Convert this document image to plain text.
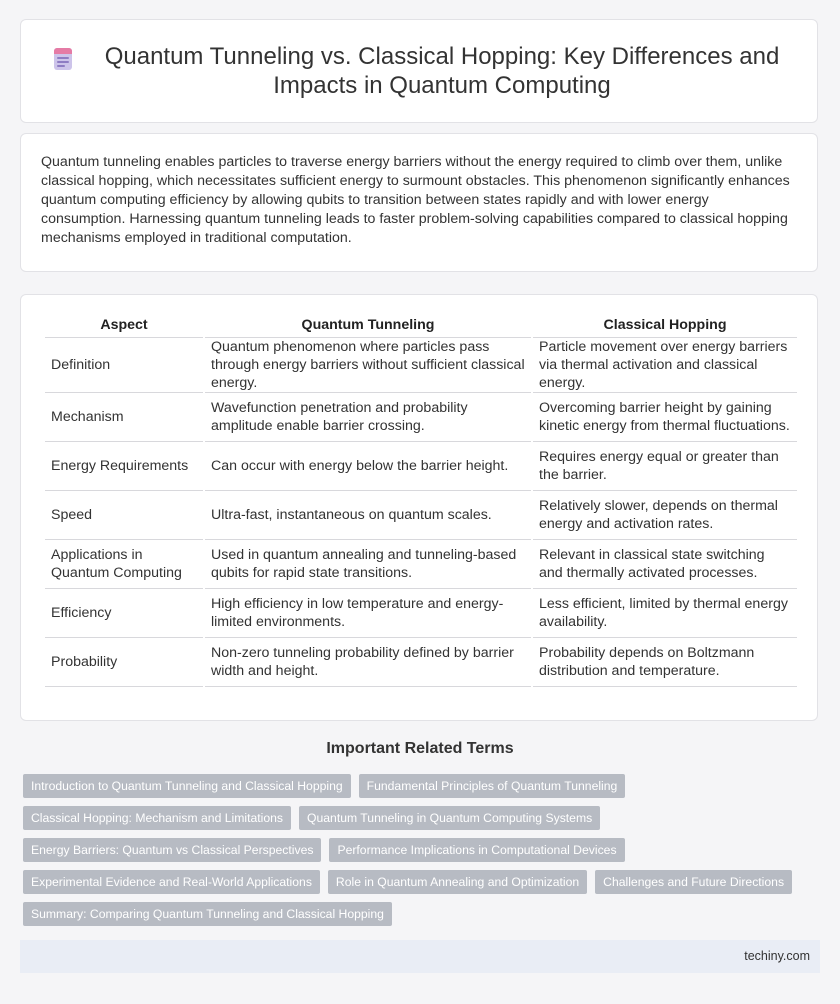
Quantum Tunneling vs. Classical Hopping: Key Differences and Impacts in Quantum Computing

Quantum tunneling enables particles to traverse energy barriers without the energy required to climb over them, unlike classical hopping, which necessitates sufficient energy to surmount obstacles. This phenomenon significantly enhances quantum computing efficiency by allowing qubits to transition between states rapidly and with lower energy consumption. Harnessing quantum tunneling leads to faster problem-solving capabilities compared to classical hopping mechanisms employed in traditional computation.

Aspect	Quantum Tunneling	Classical Hopping
Definition	Quantum phenomenon where particles pass through energy barriers without sufficient classical energy.	Particle movement over energy barriers via thermal activation and classical energy.
Mechanism	Wavefunction penetration and probability amplitude enable barrier crossing.	Overcoming barrier height by gaining kinetic energy from thermal fluctuations.
Energy Requirements	Can occur with energy below the barrier height.	Requires energy equal or greater than the barrier.
Speed	Ultra-fast, instantaneous on quantum scales.	Relatively slower, depends on thermal energy and activation rates.
Applications in Quantum Computing	Used in quantum annealing and tunneling-based qubits for rapid state transitions.	Relevant in classical state switching and thermally activated processes.
Efficiency	High efficiency in low temperature and energy-limited environments.	Less efficient, limited by thermal energy availability.
Probability	Non-zero tunneling probability defined by barrier width and height.	Probability depends on Boltzmann distribution and temperature.
Important Related Terms
Introduction to Quantum Tunneling and Classical Hopping	Fundamental Principles of Quantum Tunneling
Classical Hopping: Mechanism and Limitations	Quantum Tunneling in Quantum Computing Systems
Energy Barriers: Quantum vs Classical Perspectives	Performance Implications in Computational Devices
Experimental Evidence and Real-World Applications	Role in Quantum Annealing and Optimization	Challenges and Future Directions
Summary: Comparing Quantum Tunneling and Classical Hopping
techiny.com
